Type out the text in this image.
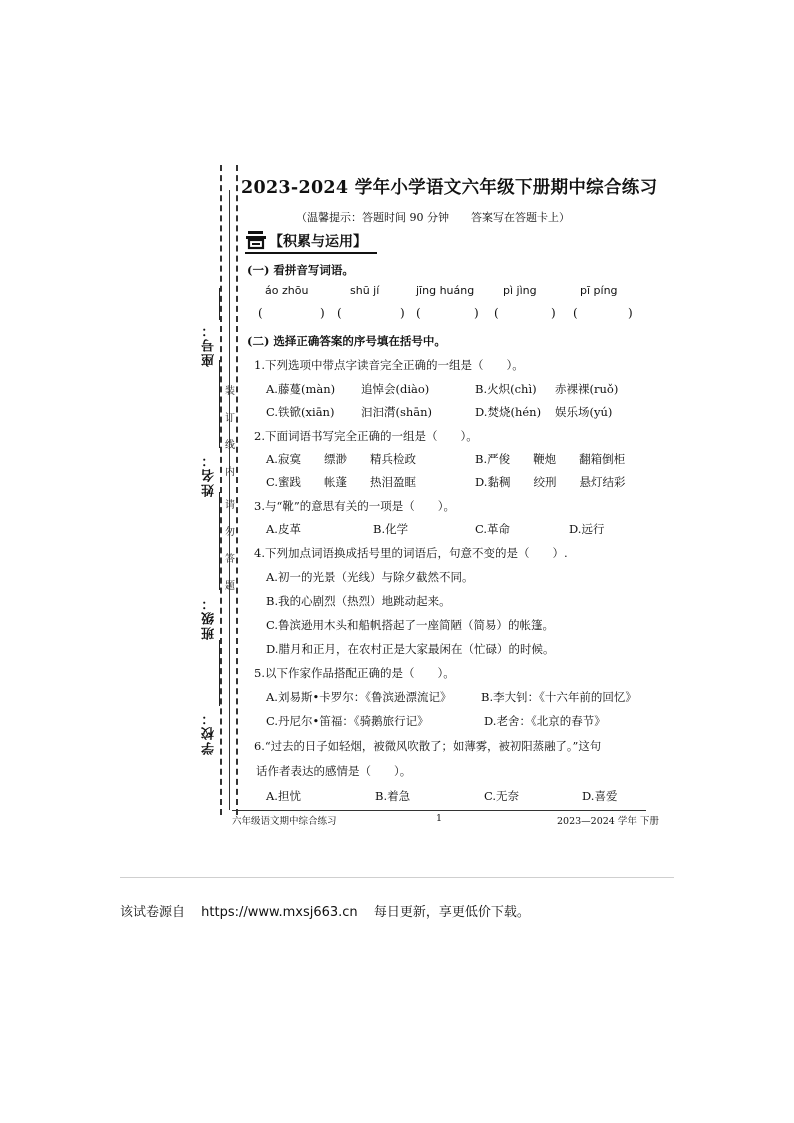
座号：
姓名：
班级：
学校：
装
订
线
内
请
勿
答
题
2023-2024 学年小学语文六年级下册期中综合练习
（温馨提示：答题时间 90 分钟 答案写在答题卡上）
【积累与运用】
(一) 看拼音写词语。
áo zhōu	shū jí	jīng huáng	pì jìng	pī píng
(	) (	) (	) (	) (	)
(二) 选择正确答案的序号填在括号中。
1.下列选项中带点字读音完全正确的一组是（　　）。
A.藤蔓(màn) 追悼会(diào)	B.火炽(chì) 赤裸裸(ruǒ)
C.铁锨(xiān) 汩汩潸(shān)	D.焚烧(hén) 娱乐场(yú)
2.下面词语书写完全正确的一组是（　　）。
A.寂寞　　缥渺　　精兵检政	B.严俊　　鞭炮　　翻箱倒柜
C.蜜践　　帐蓬　　热泪盈眶	D.黏稠　　绞刑　　悬灯结彩
3.与“靴”的意思有关的一项是（　　）。
A.皮革	B.化学	C.革命	D.远行
4.下列加点词语换成括号里的词语后，句意不变的是（　　）.
A.初一的光景（光线）与除夕截然不同。
B.我的心剧烈（热烈）地跳动起来。
C.鲁滨逊用木头和船帆搭起了一座简陋（简易）的帐篷。
D.腊月和正月，在农村正是大家最闲在（忙碌）的时候。
5.以下作家作品搭配正确的是（　　）。
A.刘易斯•卡罗尔：《鲁滨逊漂流记》	B.李大钊：《十六年前的回忆》
C.丹尼尔•笛福：《骑鹅旅行记》	D.老舍：《北京的春节》
6.“过去的日子如轻烟，被微风吹散了；如薄雾，被初阳蒸融了。”这句
话作者表达的感情是（　　）。
A.担忧	B.着急	C.无奈	D.喜爱
六年级语文期中综合练习	1	2023—2024 学年 下册
该试卷源自 https://www.mxsj663.cn 每日更新，享更低价下载。
